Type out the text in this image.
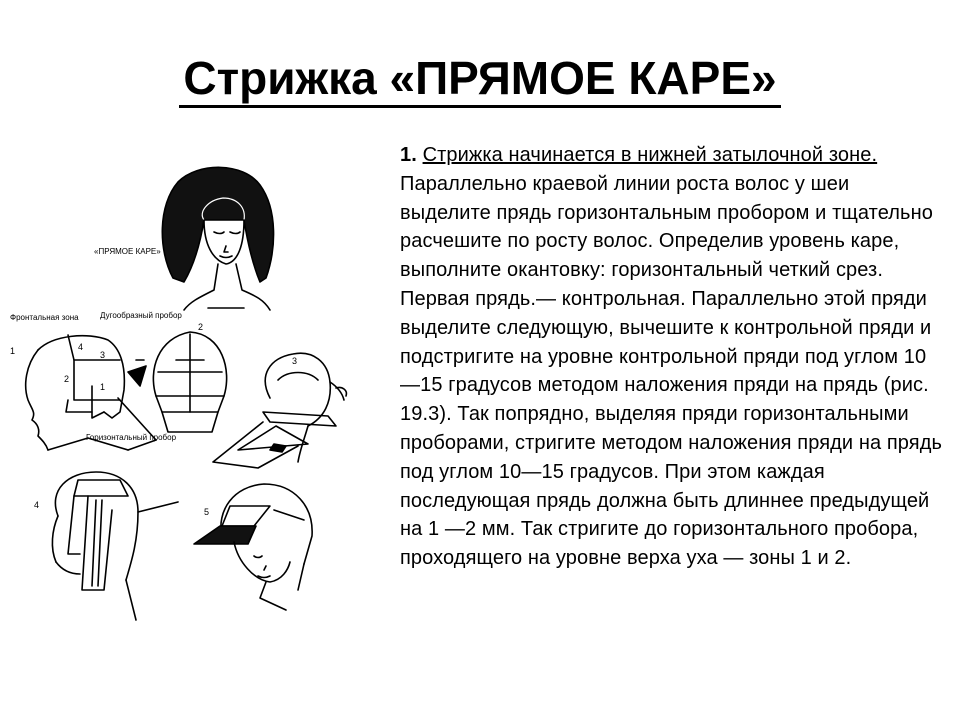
Стрижка «ПРЯМОЕ КАРЕ»
«ПРЯМОЕ КАРЕ»
Фронтальная зона	Дугообразный пробор
Горизонтальный пробор
1
2
3
4
5
1
2
3
4
1. Стрижка начинается в нижней затылочной зоне. Параллельно краевой линии роста волос у шеи выделите прядь горизонтальным пробором и тщательно расчешите по росту волос. Определив уровень каре, выполните окантовку: горизонтальный четкий срез. Первая прядь.— контрольная. Параллельно этой пряди выделите следующую, вычешите к контрольной пряди и подстригите на уровне контрольной пряди под углом 10—15 градусов методом наложения пряди на прядь (рис. 19.3). Так попрядно, выделяя пряди горизонтальными проборами, стригите методом наложения пряди на прядь под углом 10—15 градусов. При этом каждая последующая прядь должна быть длиннее предыдущей на 1 —2 мм. Так стригите до горизонтального пробора, проходящего на уровне верха уха — зоны 1 и 2.
